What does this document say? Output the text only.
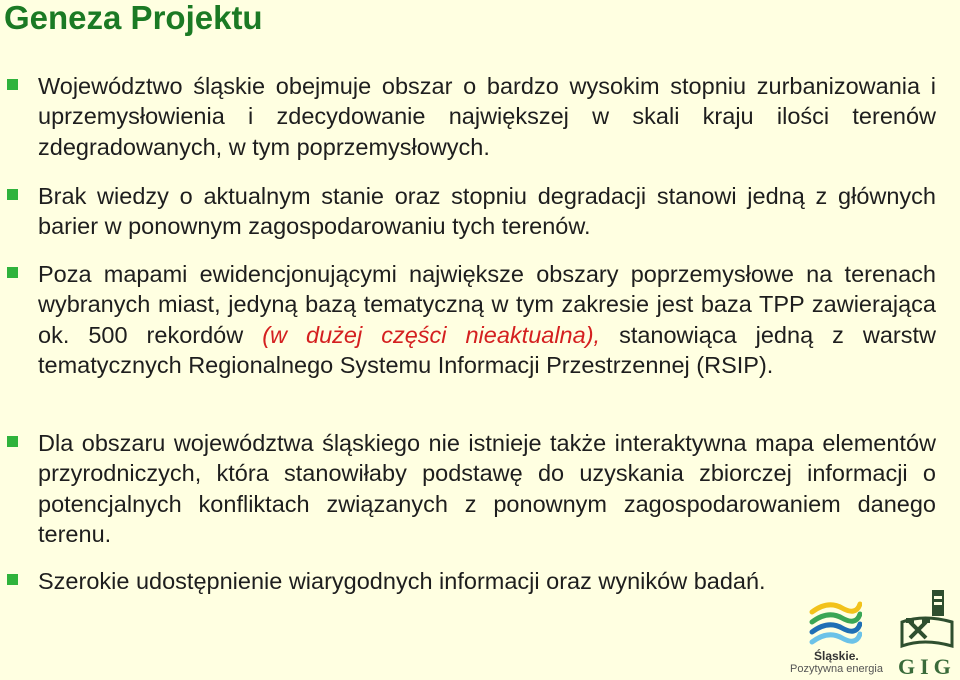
Geneza Projektu
Województwo śląskie obejmuje obszar o bardzo wysokim stopniu zurbanizowania i uprzemysłowienia i zdecydowanie największej w skali kraju ilości terenów zdegradowanych, w tym poprzemysłowych.
Brak wiedzy o aktualnym stanie oraz stopniu degradacji stanowi jedną z głównych barier w ponownym zagospodarowaniu tych terenów.
Poza mapami ewidencjonującymi największe obszary poprzemysłowe na terenach wybranych miast, jedyną bazą tematyczną w tym zakresie jest baza TPP zawierająca ok. 500 rekordów (w dużej części nieaktualna), stanowiąca jedną z warstw tematycznych Regionalnego Systemu Informacji Przestrzennej (RSIP).
Dla obszaru województwa śląskiego nie istnieje także interaktywna mapa elementów przyrodniczych, która stanowiłaby podstawę do uzyskania zbiorczej informacji o potencjalnych konfliktach związanych z ponownym zagospodarowaniem danego terenu.
Szerokie udostępnienie wiarygodnych informacji oraz wyników badań.
Śląskie.
Pozytywna energia GIG
